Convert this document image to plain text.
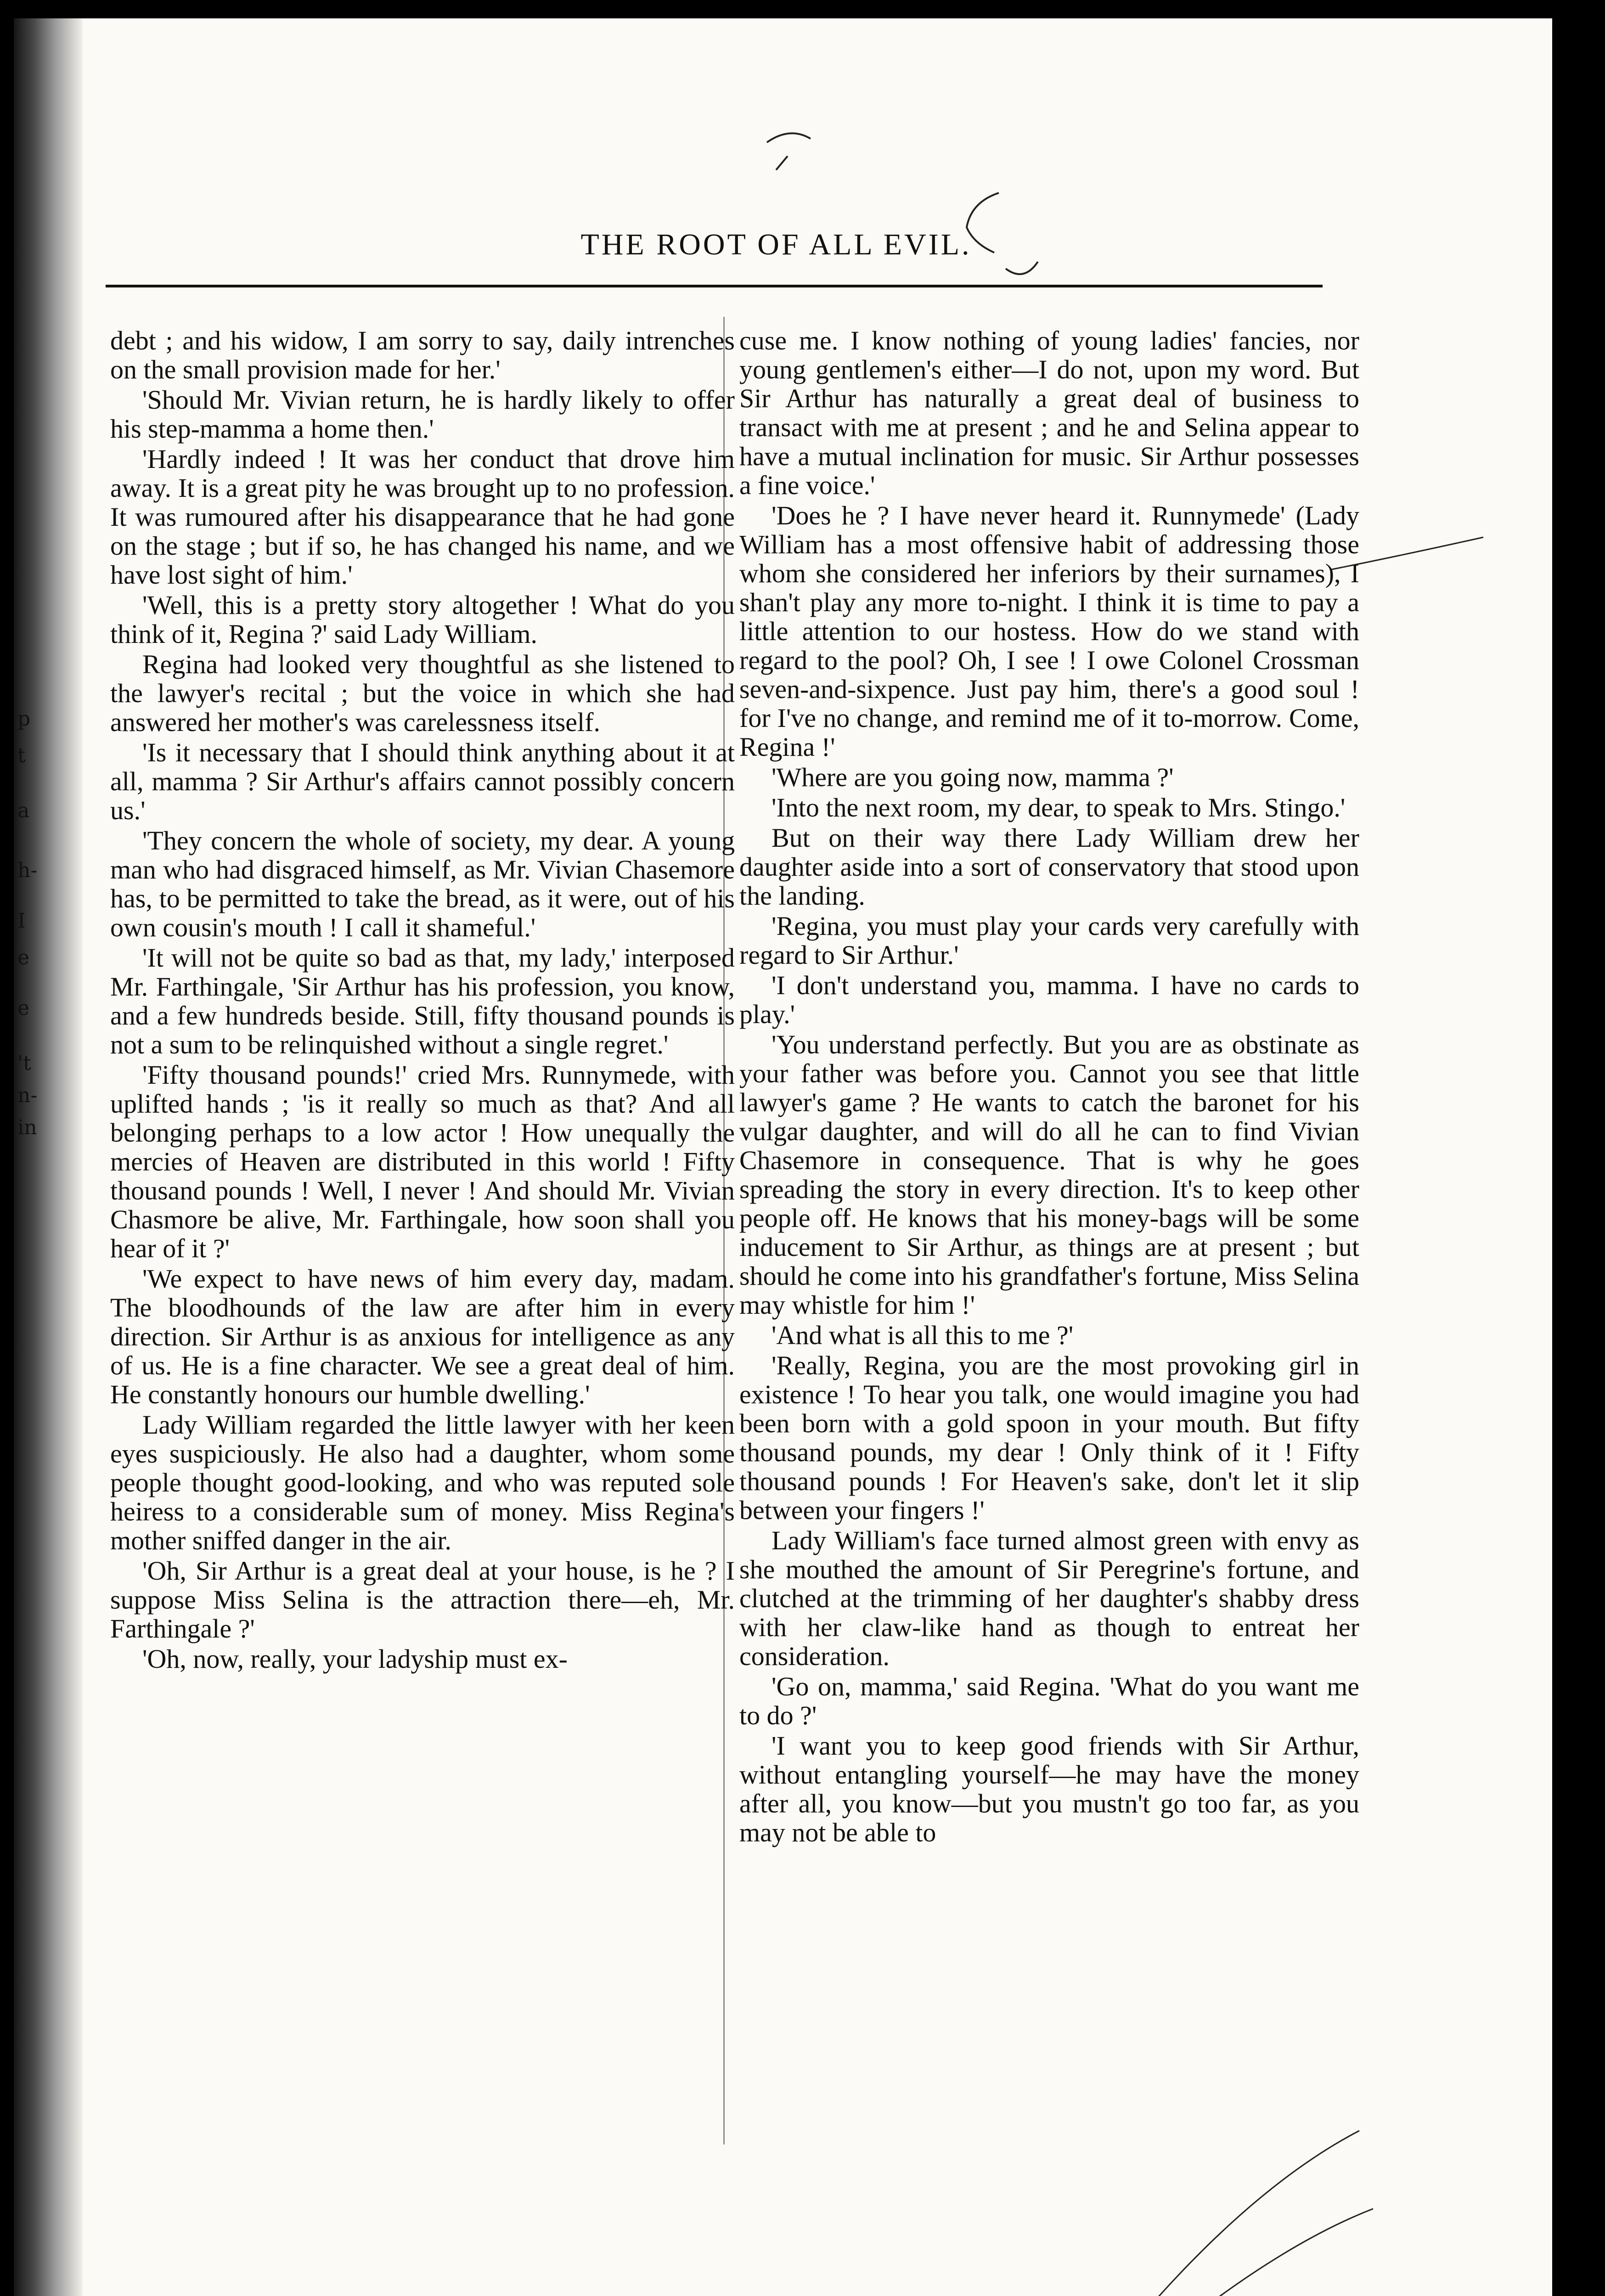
p
t
a
h-
I
e
e
't
n-
in
THE ROOT OF ALL EVIL.

debt ; and his widow, I am sorry to say, daily intrenches on the small provision made for her.'

'Should Mr. Vivian return, he is hardly likely to offer his step-mamma a home then.'

'Hardly indeed ! It was her conduct that drove him away. It is a great pity he was brought up to no profession. It was rumoured after his disappearance that he had gone on the stage ; but if so, he has changed his name, and we have lost sight of him.'

'Well, this is a pretty story altogether ! What do you think of it, Regina ?' said Lady William.

Regina had looked very thoughtful as she listened to the lawyer's recital ; but the voice in which she had answered her mother's was carelessness itself.

'Is it necessary that I should think anything about it at all, mamma ? Sir Arthur's affairs cannot possibly concern us.'

'They concern the whole of society, my dear. A young man who had disgraced himself, as Mr. Vivian Chasemore has, to be permitted to take the bread, as it were, out of his own cousin's mouth ! I call it shameful.'

'It will not be quite so bad as that, my lady,' interposed Mr. Farthingale, 'Sir Arthur has his profession, you know, and a few hundreds beside. Still, fifty thousand pounds is not a sum to be relinquished without a single regret.'

'Fifty thousand pounds!' cried Mrs. Runnymede, with uplifted hands ; 'is it really so much as that? And all belonging perhaps to a low actor ! How unequally the mercies of Heaven are distributed in this world ! Fifty thousand pounds ! Well, I never ! And should Mr. Vivian Chasmore be alive, Mr. Farthingale, how soon shall you hear of it ?'

'We expect to have news of him every day, madam. The bloodhounds of the law are after him in every direction. Sir Arthur is as anxious for intelligence as any of us. He is a fine character. We see a great deal of him. He constantly honours our humble dwelling.'

Lady William regarded the little lawyer with her keen eyes suspiciously. He also had a daughter, whom some people thought good-looking, and who was reputed sole heiress to a considerable sum of money. Miss Regina's mother sniffed danger in the air.

'Oh, Sir Arthur is a great deal at your house, is he ? I suppose Miss Selina is the attraction there—eh, Mr. Farthingale ?'

'Oh, now, really, your ladyship must ex-

cuse me. I know nothing of young ladies' fancies, nor young gentlemen's either—I do not, upon my word. But Sir Arthur has naturally a great deal of business to transact with me at present ; and he and Selina appear to have a mutual inclination for music. Sir Arthur possesses a fine voice.'

'Does he ? I have never heard it. Runnymede' (Lady William has a most offensive habit of addressing those whom she considered her inferiors by their surnames), I shan't play any more to-night. I think it is time to pay a little attention to our hostess. How do we stand with regard to the pool? Oh, I see ! I owe Colonel Crossman seven-and-sixpence. Just pay him, there's a good soul ! for I've no change, and remind me of it to-morrow. Come, Regina !'

'Where are you going now, mamma ?'

'Into the next room, my dear, to speak to Mrs. Stingo.'

But on their way there Lady William drew her daughter aside into a sort of conservatory that stood upon the landing.

'Regina, you must play your cards very carefully with regard to Sir Arthur.'

'I don't understand you, mamma. I have no cards to play.'

'You understand perfectly. But you are as obstinate as your father was before you. Cannot you see that little lawyer's game ? He wants to catch the baronet for his vulgar daughter, and will do all he can to find Vivian Chasemore in consequence. That is why he goes spreading the story in every direction. It's to keep other people off. He knows that his money-bags will be some inducement to Sir Arthur, as things are at present ; but should he come into his grandfather's fortune, Miss Selina may whistle for him !'

'And what is all this to me ?'

'Really, Regina, you are the most provoking girl in existence ! To hear you talk, one would imagine you had been born with a gold spoon in your mouth. But fifty thousand pounds, my dear ! Only think of it ! Fifty thousand pounds ! For Heaven's sake, don't let it slip between your fingers !'

Lady William's face turned almost green with envy as she mouthed the amount of Sir Peregrine's fortune, and clutched at the trimming of her daughter's shabby dress with her claw-like hand as though to entreat her consideration.

'Go on, mamma,' said Regina. 'What do you want me to do ?'

'I want you to keep good friends with Sir Arthur, without entangling yourself—he may have the money after all, you know—but you mustn't go too far, as you may not be able to
